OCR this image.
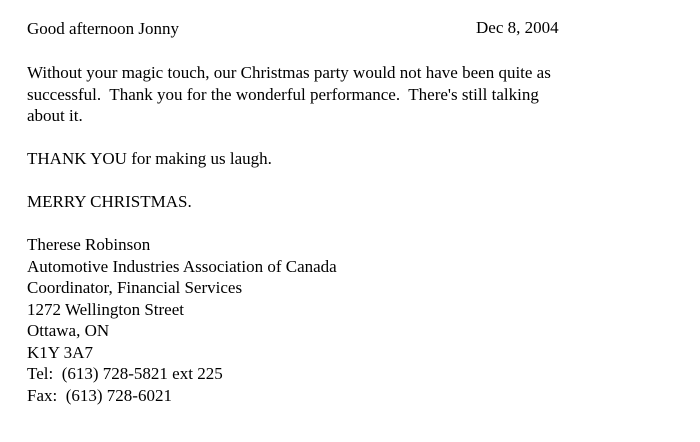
Good afternoon Jonny	Dec 8, 2004

Without your magic touch, our Christmas party would not have been quite as
successful.  Thank you for the wonderful performance.  There's still talking
about it.

THANK YOU for making us laugh.
MERRY CHRISTMAS.
Therese Robinson
Automotive Industries Association of Canada
Coordinator, Financial Services
1272 Wellington Street
Ottawa, ON
K1Y 3A7
Tel:  (613) 728-5821 ext 225
Fax:  (613) 728-6021
